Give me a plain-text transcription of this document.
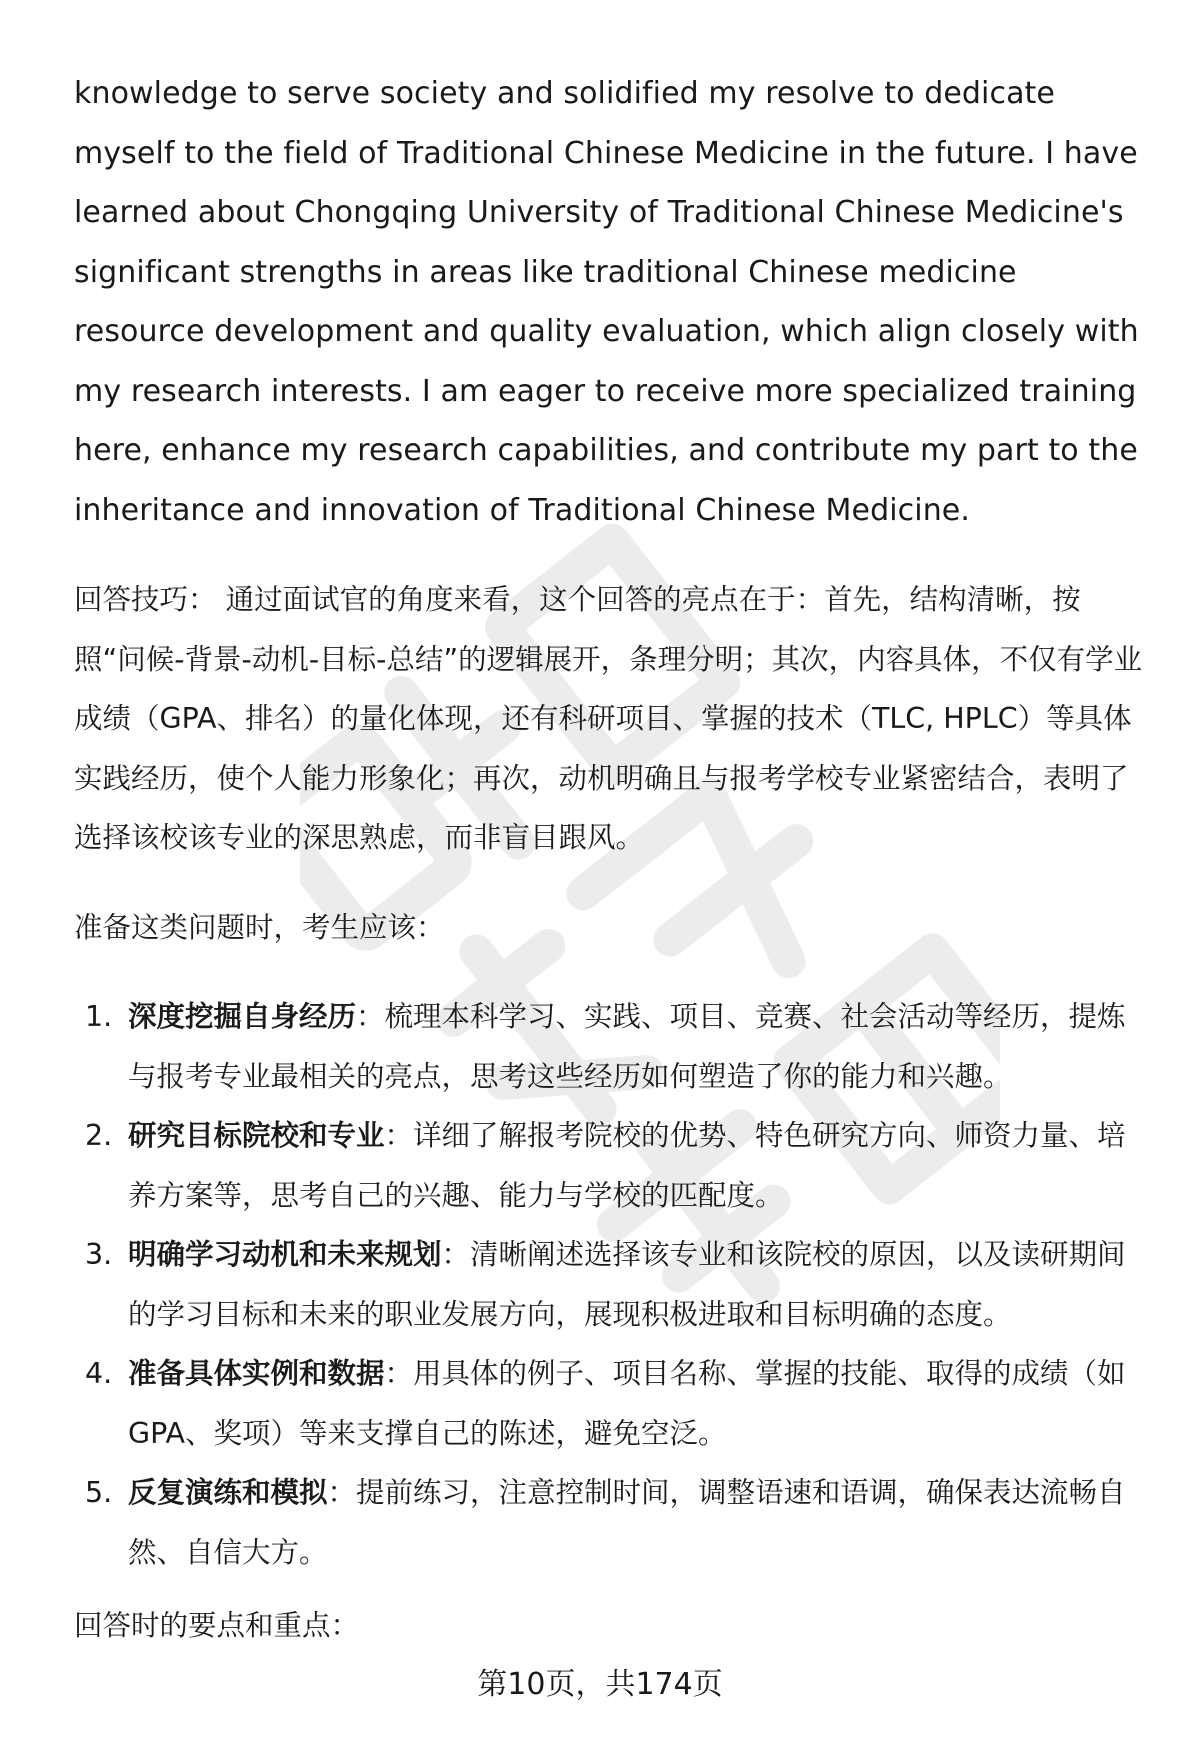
knowledge to serve society and solidified my resolve to dedicate myself to the field of Traditional Chinese Medicine in the future. I have learned about Chongqing University of Traditional Chinese Medicine's significant strengths in areas like traditional Chinese medicine resource development and quality evaluation, which align closely with my research interests. I am eager to receive more specialized training here, enhance my research capabilities, and contribute my part to the inheritance and innovation of Traditional Chinese Medicine.

回答技巧： 通过面试官的角度来看，这个回答的亮点在于：首先，结构清晰，按照“问候-背景-动机-目标-总结”的逻辑展开，条理分明；其次，内容具体，不仅有学业成绩（GPA、排名）的量化体现，还有科研项目、掌握的技术（TLC, HPLC）等具体实践经历，使个人能力形象化；再次，动机明确且与报考学校专业紧密结合，表明了选择该校该专业的深思熟虑，而非盲目跟风。

准备这类问题时，考生应该：

1. 深度挖掘自身经历：梳理本科学习、实践、项目、竞赛、社会活动等经历，提炼与报考专业最相关的亮点，思考这些经历如何塑造了你的能力和兴趣。
2. 研究目标院校和专业：详细了解报考院校的优势、特色研究方向、师资力量、培养方案等，思考自己的兴趣、能力与学校的匹配度。
3. 明确学习动机和未来规划：清晰阐述选择该专业和该院校的原因，以及读研期间的学习目标和未来的职业发展方向，展现积极进取和目标明确的态度。
4. 准备具体实例和数据：用具体的例子、项目名称、掌握的技能、取得的成绩（如GPA、奖项）等来支撑自己的陈述，避免空泛。
5. 反复演练和模拟：提前练习，注意控制时间，调整语速和语调，确保表达流畅自然、自信大方。

回答时的要点和重点：

第10页，共174页
